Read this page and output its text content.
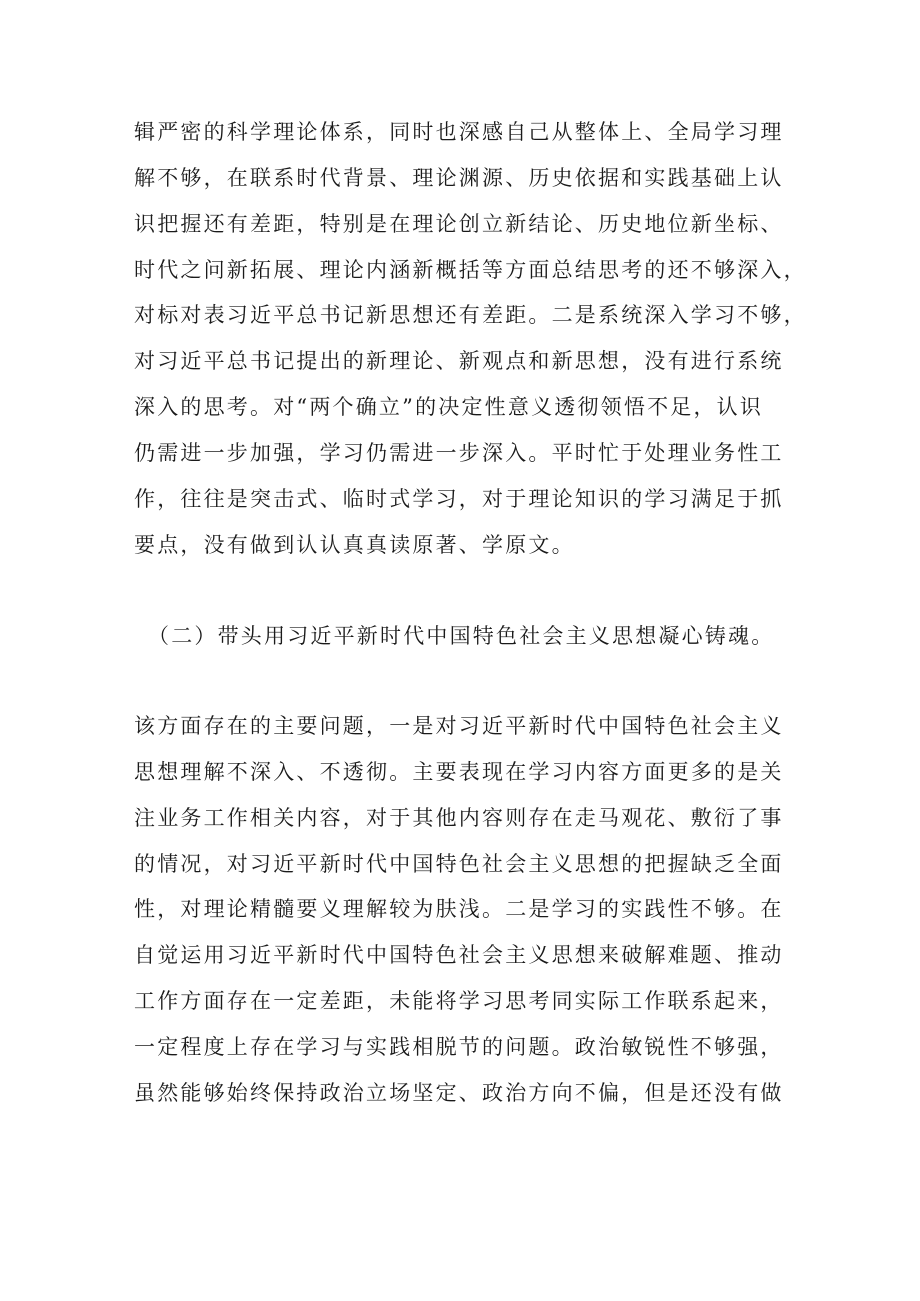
辑严密的科学理论体系，同时也深感自己从整体上、全局学习理
解不够，在联系时代背景、理论渊源、历史依据和实践基础上认
识把握还有差距，特别是在理论创立新结论、历史地位新坐标、
时代之问新拓展、理论内涵新概括等方面总结思考的还不够深入，
对标对表习近平总书记新思想还有差距。二是系统深入学习不够，
对习近平总书记提出的新理论、新观点和新思想，没有进行系统
深入的思考。对“两个确立”的决定性意义透彻领悟不足，认识
仍需进一步加强，学习仍需进一步深入。平时忙于处理业务性工
作，往往是突击式、临时式学习，对于理论知识的学习满足于抓
要点，没有做到认认真真读原著、学原文。
（二）带头用习近平新时代中国特色社会主义思想凝心铸魂。
该方面存在的主要问题，一是对习近平新时代中国特色社会主义
思想理解不深入、不透彻。主要表现在学习内容方面更多的是关
注业务工作相关内容，对于其他内容则存在走马观花、敷衍了事
的情况，对习近平新时代中国特色社会主义思想的把握缺乏全面
性，对理论精髓要义理解较为肤浅。二是学习的实践性不够。在
自觉运用习近平新时代中国特色社会主义思想来破解难题、推动
工作方面存在一定差距，未能将学习思考同实际工作联系起来，
一定程度上存在学习与实践相脱节的问题。政治敏锐性不够强，
虽然能够始终保持政治立场坚定、政治方向不偏，但是还没有做
